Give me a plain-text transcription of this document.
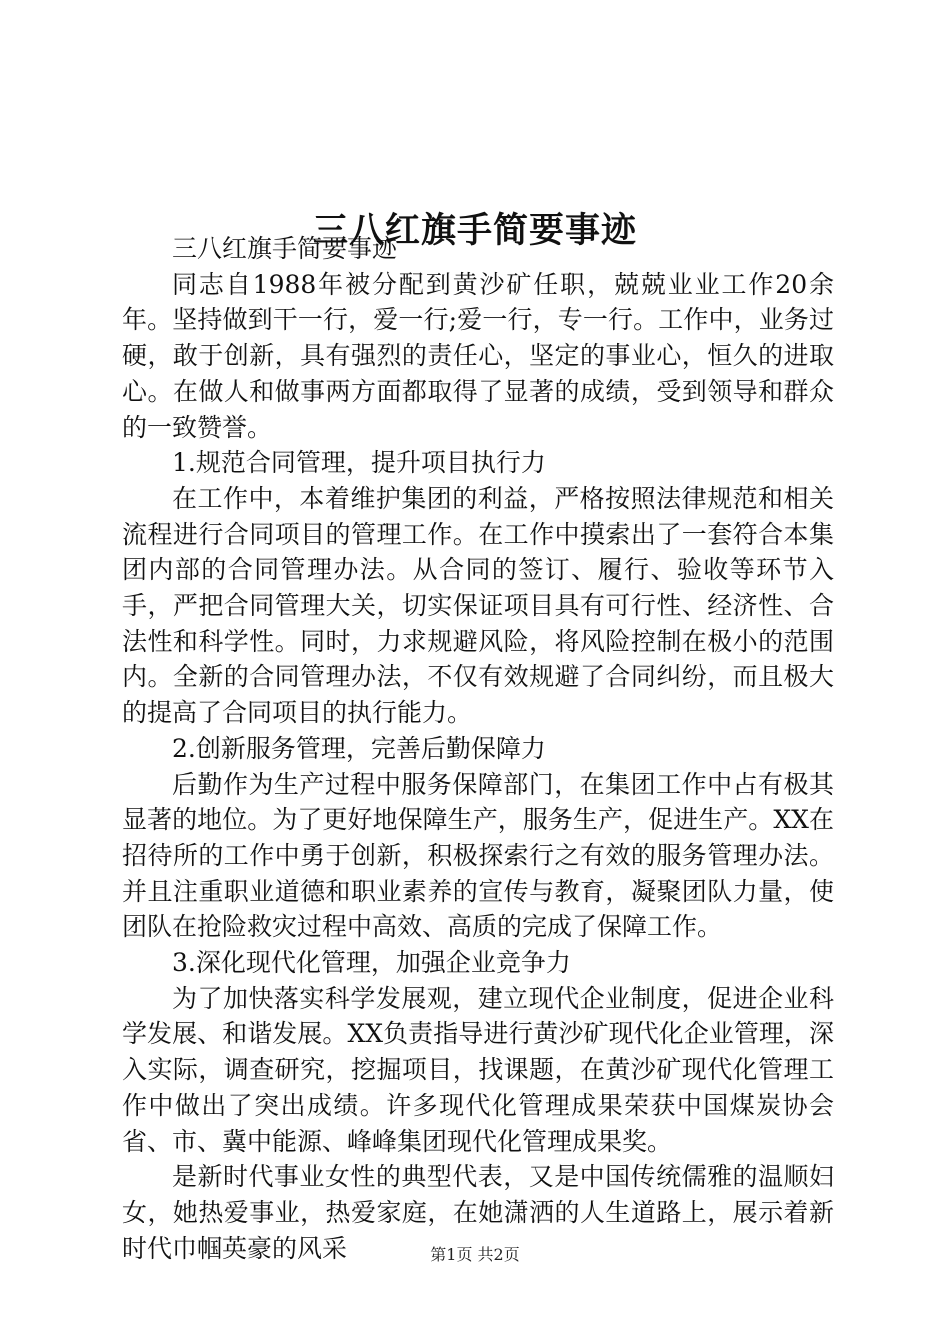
三八红旗手简要事迹

三八红旗手简要事迹

同志自1988年被分配到黄沙矿任职，兢兢业业工作20余年。坚持做到干一行，爱一行;爱一行，专一行。工作中，业务过硬，敢于创新，具有强烈的责任心，坚定的事业心，恒久的进取心。在做人和做事两方面都取得了显著的成绩，受到领导和群众的一致赞誉。

1.规范合同管理，提升项目执行力

在工作中，本着维护集团的利益，严格按照法律规范和相关流程进行合同项目的管理工作。在工作中摸索出了一套符合本集团内部的合同管理办法。从合同的签订、履行、验收等环节入手，严把合同管理大关，切实保证项目具有可行性、经济性、合法性和科学性。同时，力求规避风险，将风险控制在极小的范围内。全新的合同管理办法，不仅有效规避了合同纠纷，而且极大的提高了合同项目的执行能力。

2.创新服务管理，完善后勤保障力

后勤作为生产过程中服务保障部门，在集团工作中占有极其显著的地位。为了更好地保障生产，服务生产，促进生产。XX在招待所的工作中勇于创新，积极探索行之有效的服务管理办法。并且注重职业道德和职业素养的宣传与教育，凝聚团队力量，使团队在抢险救灾过程中高效、高质的完成了保障工作。

3.深化现代化管理，加强企业竞争力

为了加快落实科学发展观，建立现代企业制度，促进企业科学发展、和谐发展。XX负责指导进行黄沙矿现代化企业管理，深入实际，调查研究，挖掘项目，找课题，在黄沙矿现代化管理工作中做出了突出成绩。许多现代化管理成果荣获中国煤炭协会省、市、冀中能源、峰峰集团现代化管理成果奖。

是新时代事业女性的典型代表，又是中国传统儒雅的温顺妇女，她热爱事业，热爱家庭，在她潇洒的人生道路上，展示着新时代巾帼英豪的风采	第1页 共2页
